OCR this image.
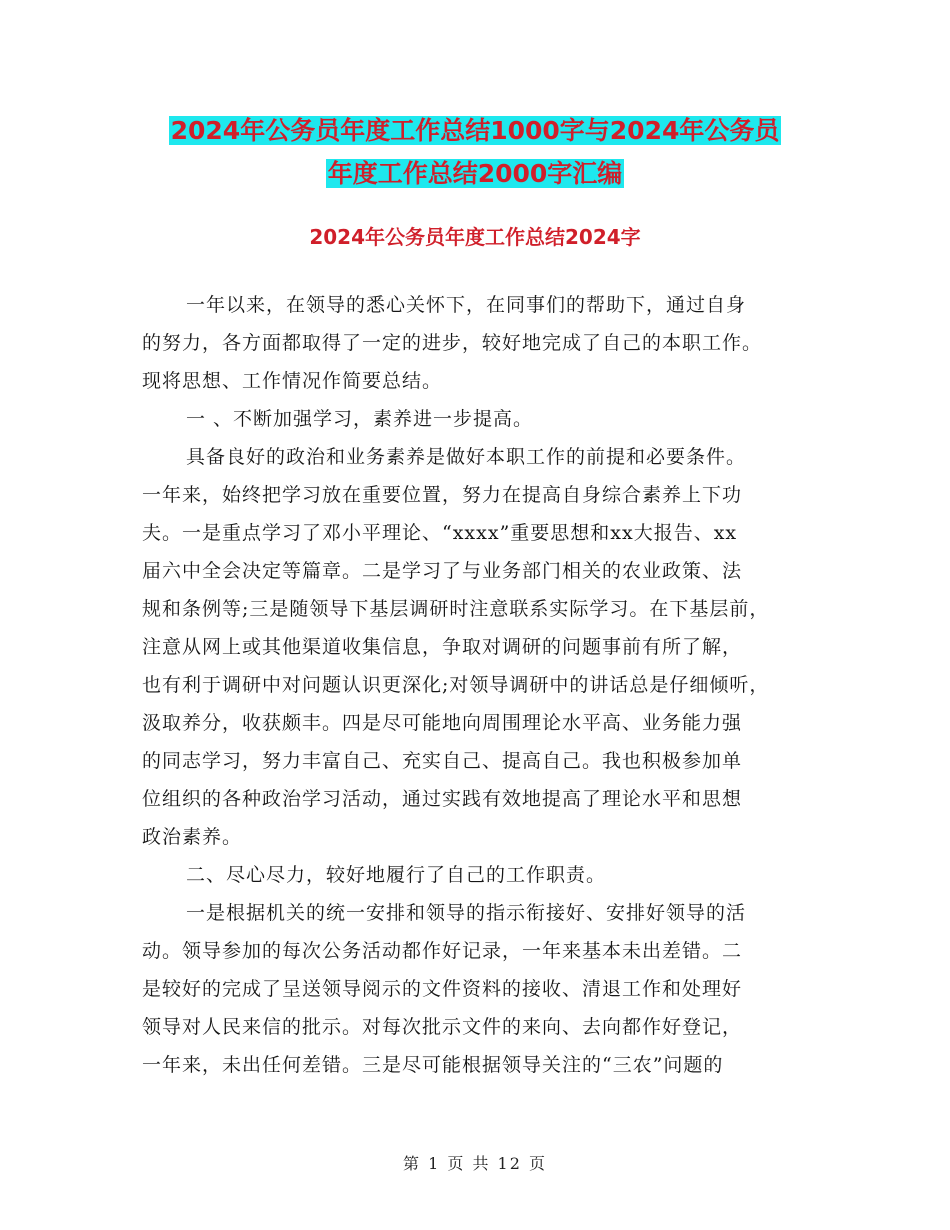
2024年公务员年度工作总结1000字与2024年公务员
年度工作总结2000字汇编
2024年公务员年度工作总结2024字
一年以来，在领导的悉心关怀下，在同事们的帮助下，通过自身
的努力，各方面都取得了一定的进步，较好地完成了自己的本职工作。
现将思想、工作情况作简要总结。
一 、不断加强学习，素养进一步提高。
具备良好的政治和业务素养是做好本职工作的前提和必要条件。
一年来，始终把学习放在重要位置，努力在提高自身综合素养上下功
夫。一是重点学习了邓小平理论、“xxxx”重要思想和xx大报告、xx
届六中全会决定等篇章。二是学习了与业务部门相关的农业政策、法
规和条例等;三是随领导下基层调研时注意联系实际学习。在下基层前，
注意从网上或其他渠道收集信息，争取对调研的问题事前有所了解，
也有利于调研中对问题认识更深化;对领导调研中的讲话总是仔细倾听，
汲取养分，收获颇丰。四是尽可能地向周围理论水平高、业务能力强
的同志学习，努力丰富自己、充实自己、提高自己。我也积极参加单
位组织的各种政治学习活动，通过实践有效地提高了理论水平和思想
政治素养。
二、尽心尽力，较好地履行了自己的工作职责。
一是根据机关的统一安排和领导的指示衔接好、安排好领导的活
动。领导参加的每次公务活动都作好记录，一年来基本未出差错。二
是较好的完成了呈送领导阅示的文件资料的接收、清退工作和处理好
领导对人民来信的批示。对每次批示文件的来向、去向都作好登记，
一年来，未出任何差错。三是尽可能根据领导关注的“三农”问题的
第 1 页 共 12 页
